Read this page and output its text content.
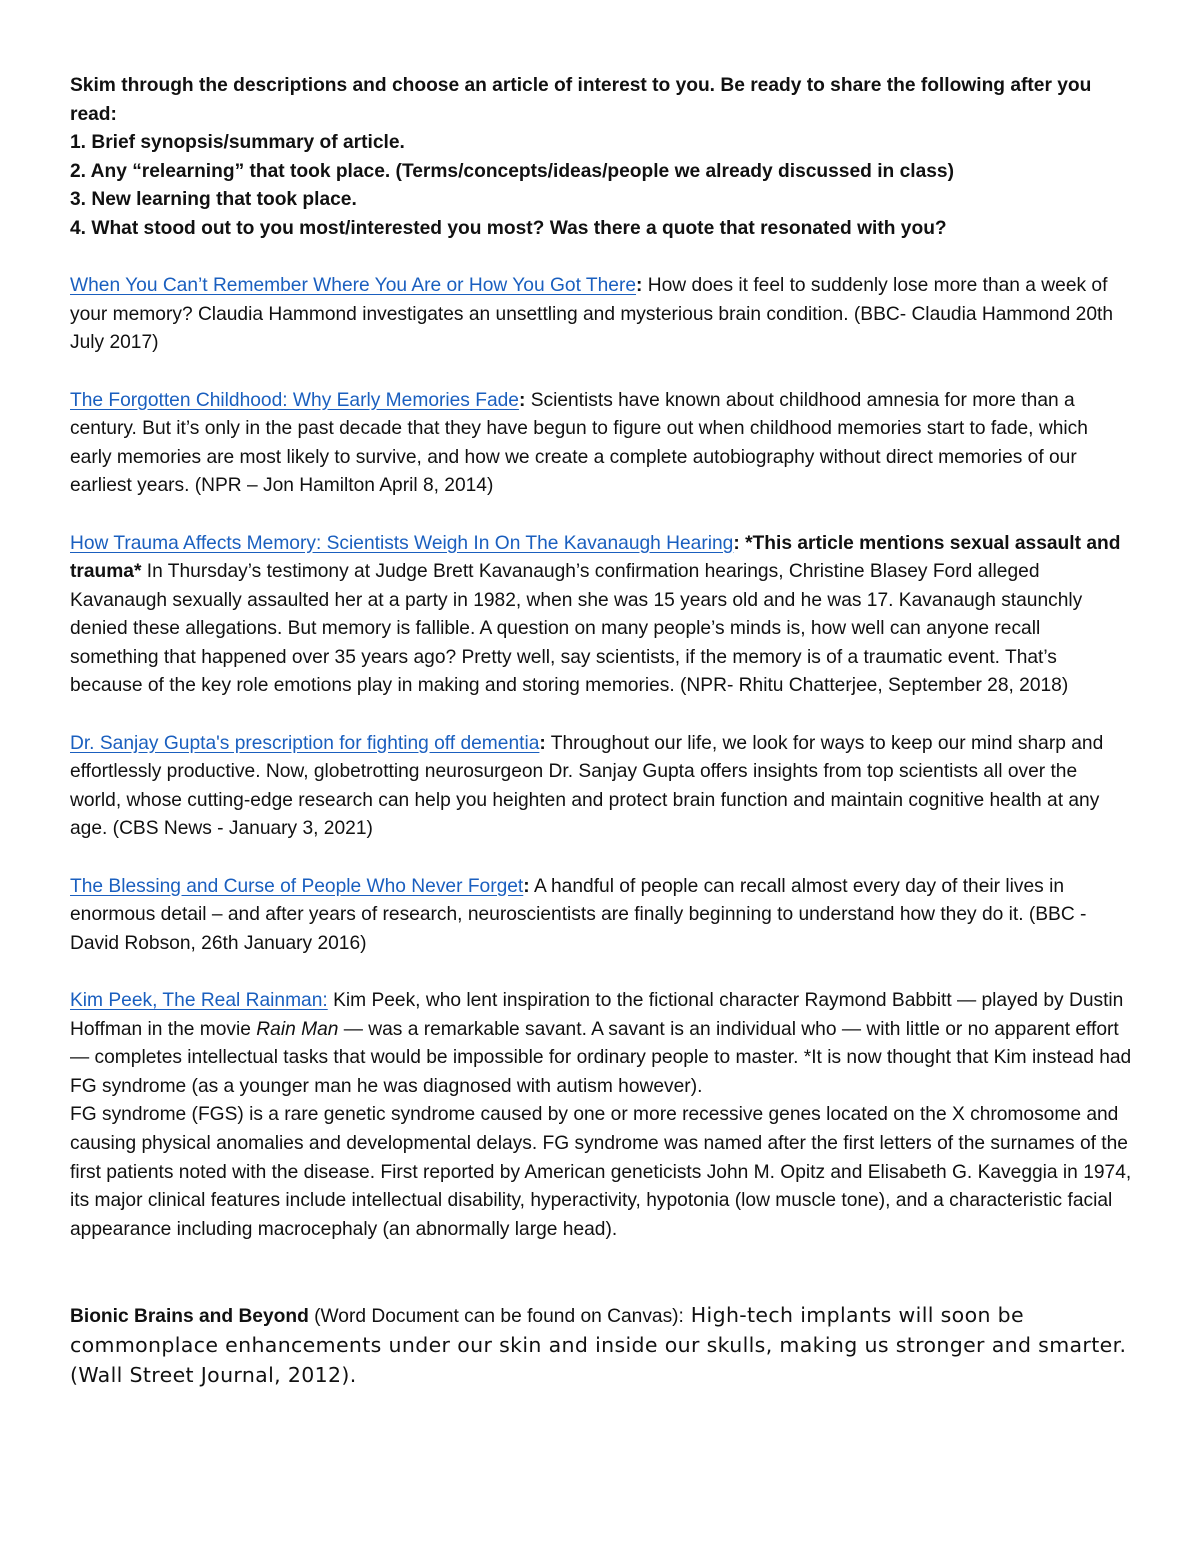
Skim through the descriptions and choose an article of interest to you. Be ready to share the following after you read:

1. Brief synopsis/summary of article.

2. Any “relearning” that took place. (Terms/concepts/ideas/people we already discussed in class)

3. New learning that took place.

4. What stood out to you most/interested you most? Was there a quote that resonated with you?

When You Can’t Remember Where You Are or How You Got There: How does it feel to suddenly lose more than a week of your memory? Claudia Hammond investigates an unsettling and mysterious brain condition. (BBC- Claudia Hammond 20th July 2017)

The Forgotten Childhood: Why Early Memories Fade: Scientists have known about childhood amnesia for more than a century. But it’s only in the past decade that they have begun to figure out when childhood memories start to fade, which early memories are most likely to survive, and how we create a complete autobiography without direct memories of our earliest years. (NPR – Jon Hamilton April 8, 2014)

How Trauma Affects Memory: Scientists Weigh In On The Kavanaugh Hearing: *This article mentions sexual assault and trauma* In Thursday’s testimony at Judge Brett Kavanaugh’s confirmation hearings, Christine Blasey Ford alleged Kavanaugh sexually assaulted her at a party in 1982, when she was 15 years old and he was 17. Kavanaugh staunchly denied these allegations. But memory is fallible. A question on many people’s minds is, how well can anyone recall something that happened over 35 years ago? Pretty well, say scientists, if the memory is of a traumatic event. That’s because of the key role emotions play in making and storing memories. (NPR- Rhitu Chatterjee, September 28, 2018)

Dr. Sanjay Gupta's prescription for fighting off dementia: Throughout our life, we look for ways to keep our mind sharp and effortlessly productive. Now, globetrotting neurosurgeon Dr. Sanjay Gupta offers insights from top scientists all over the world, whose cutting-edge research can help you heighten and protect brain function and maintain cognitive health at any age. (CBS News - January 3, 2021)

The Blessing and Curse of People Who Never Forget: A handful of people can recall almost every day of their lives in enormous detail – and after years of research, neuroscientists are finally beginning to understand how they do it. (BBC - David Robson, 26th January 2016)

Kim Peek, The Real Rainman: Kim Peek, who lent inspiration to the fictional character Raymond Babbitt — played by Dustin Hoffman in the movie Rain Man — was a remarkable savant. A savant is an individual who — with little or no apparent effort — completes intellectual tasks that would be impossible for ordinary people to master. *It is now thought that Kim instead had FG syndrome (as a younger man he was diagnosed with autism however).

FG syndrome (FGS) is a rare genetic syndrome caused by one or more recessive genes located on the X chromosome and causing physical anomalies and developmental delays. FG syndrome was named after the first letters of the surnames of the first patients noted with the disease. First reported by American geneticists John M. Opitz and Elisabeth G. Kaveggia in 1974, its major clinical features include intellectual disability, hyperactivity, hypotonia (low muscle tone), and a characteristic facial appearance including macrocephaly (an abnormally large head).

Bionic Brains and Beyond (Word Document can be found on Canvas): High-tech implants will soon be commonplace enhancements under our skin and inside our skulls, making us stronger and smarter. (Wall Street Journal, 2012).
